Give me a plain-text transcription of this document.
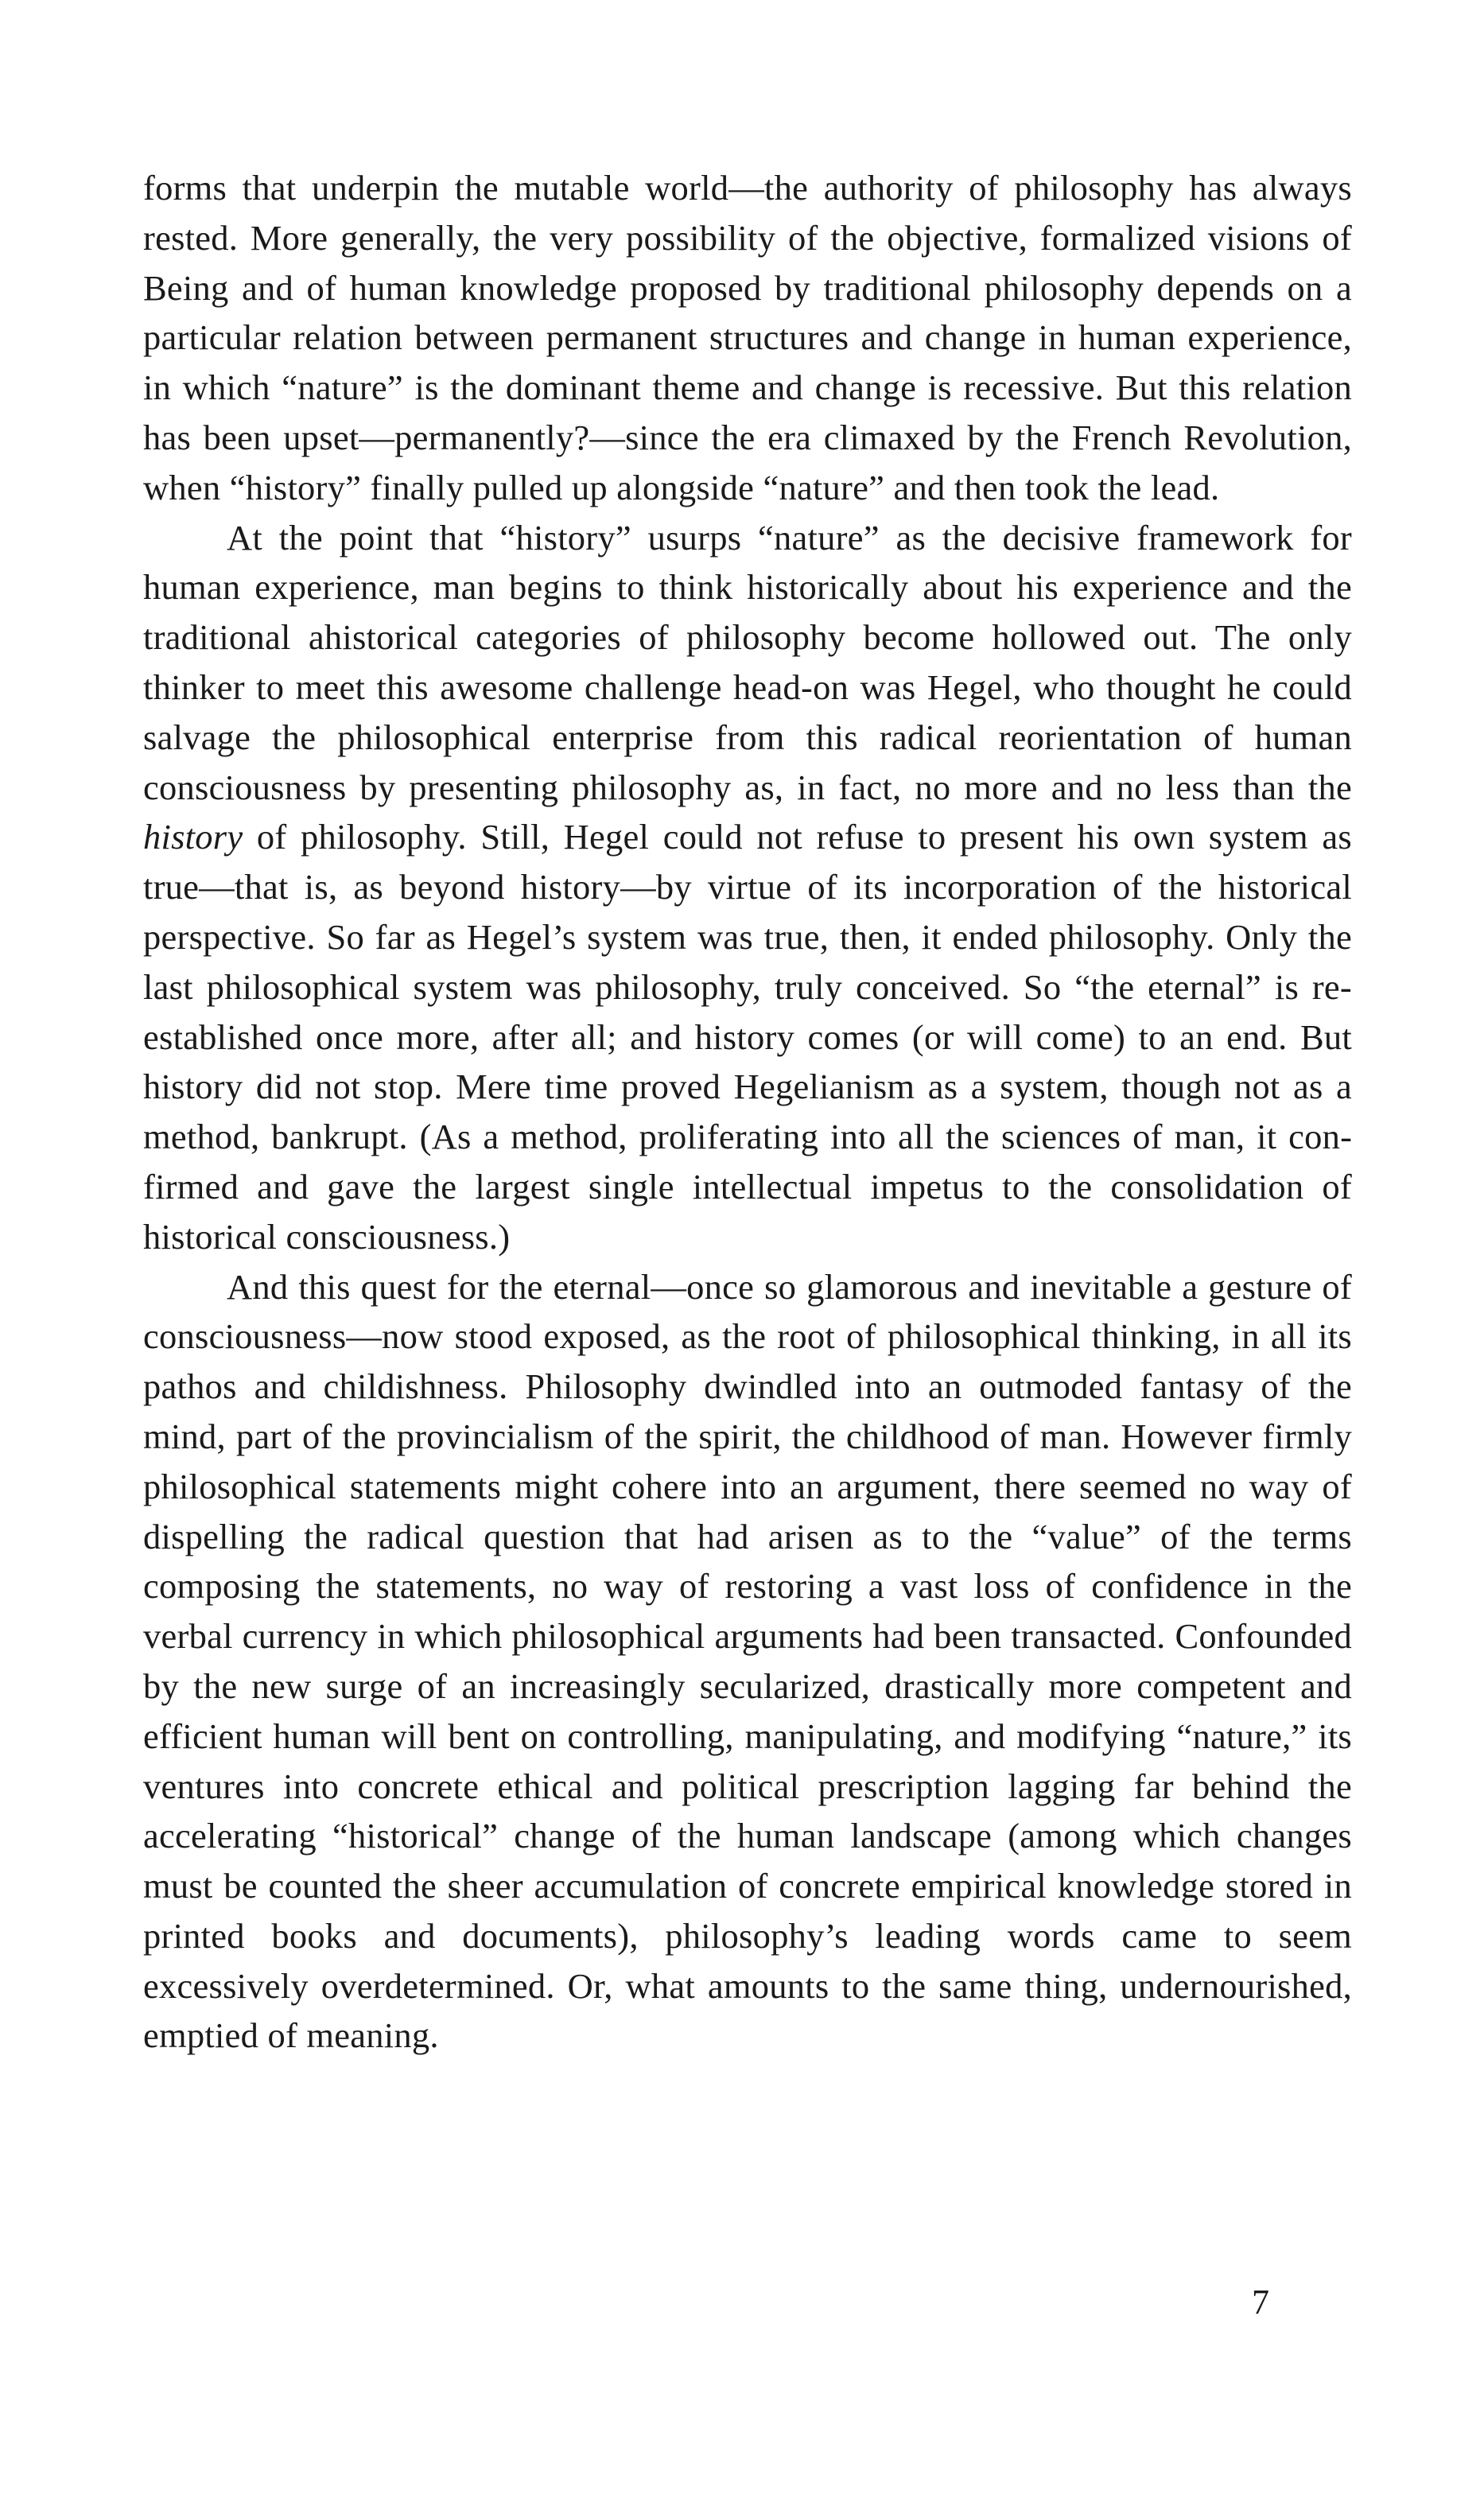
forms that underpin the mutable world—the authority of philosophy has always rested. More generally, the very possibility of the objective, formalized visions of Being and of human knowledge proposed by traditional philosophy depends on a particular relation between permanent structures and change in human experience, in which “nature” is the dominant theme and change is recessive. But this relation has been upset—permanently?—since the era climaxed by the French Revolution, when “history” finally pulled up alongside “nature” and then took the lead.

At the point that “history” usurps “nature” as the decisive framework for human experience, man begins to think historically about his experience and the traditional ahistorical categories of philosophy become hollowed out. The only thinker to meet this awesome challenge head-on was Hegel, who thought he could salvage the philosophical enterprise from this radical reorientation of human consciousness by presenting philosophy as, in fact, no more and no less than the history of philosophy. Still, Hegel could not refuse to present his own system as true—that is, as beyond history—by virtue of its incorporation of the historical perspective. So far as Hegel’s system was true, then, it ended philosophy. Only the last philosophical system was philosophy, truly conceived. So “the eternal” is re-established once more, after all; and history comes (or will come) to an end. But history did not stop. Mere time proved Hegelianism as a system, though not as a method, bankrupt. (As a method, proliferating into all the sciences of man, it confirmed and gave the largest single intellectual impetus to the consolidation of historical consciousness.)

And this quest for the eternal—once so glamorous and inevitable a gesture of consciousness—now stood exposed, as the root of philosophical thinking, in all its pathos and childishness. Philosophy dwindled into an outmoded fantasy of the mind, part of the provincialism of the spirit, the childhood of man. However firmly philosophical statements might cohere into an argument, there seemed no way of dispelling the radical question that had arisen as to the “value” of the terms composing the statements, no way of restoring a vast loss of confidence in the verbal currency in which philosophical arguments had been transacted. Confounded by the new surge of an increasingly secularized, drastically more competent and efficient human will bent on controlling, manipulating, and modifying “nature,” its ventures into concrete ethical and political prescription lagging far behind the accelerating “historical” change of the human landscape (among which changes must be counted the sheer accumulation of concrete empirical knowledge stored in printed books and documents), philosophy’s leading words came to seem excessively overdetermined. Or, what amounts to the same thing, undernourished, emptied of meaning.

7
